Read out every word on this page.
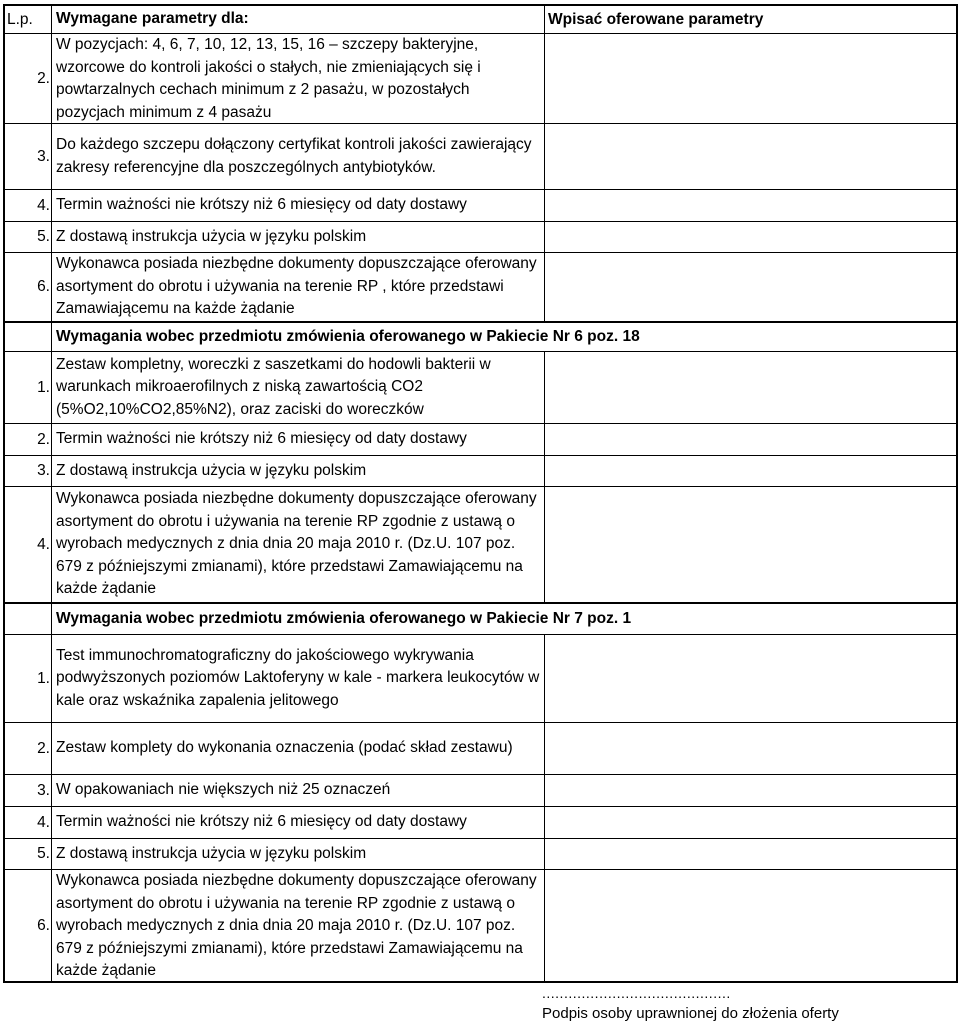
L.p.	Wymagane parametry dla:	Wpisać oferowane parametry
2.
W pozycjach: 4, 6, 7, 10, 12, 13, 15, 16 – szczepy bakteryjne, wzorcowe do kontroli jakości o stałych, nie zmieniających się i powtarzalnych cechach minimum z 2 pasażu, w pozostałych pozycjach minimum z 4 pasażu
3.
Do każdego szczepu dołączony certyfikat kontroli jakości zawierający zakresy referencyjne dla poszczególnych antybiotyków.
4. Termin ważności nie krótszy niż 6 miesięcy od daty dostawy
5. Z dostawą instrukcja użycia w języku polskim
6.
Wykonawca posiada niezbędne dokumenty dopuszczające oferowany asortyment do obrotu i używania na terenie RP , które przedstawi Zamawiającemu na każde żądanie
Wymagania wobec przedmiotu zmówienia oferowanego w Pakiecie Nr 6 poz. 18
1.
Zestaw kompletny, woreczki z saszetkami do hodowli bakterii w warunkach mikroaerofilnych z niską zawartością CO2 (5%O2,10%CO2,85%N2), oraz zaciski do woreczków
2. Termin ważności nie krótszy niż 6 miesięcy od daty dostawy
3. Z dostawą instrukcja użycia w języku polskim
4.
Wykonawca posiada niezbędne dokumenty dopuszczające oferowany asortyment do obrotu i używania na terenie RP zgodnie z ustawą o wyrobach medycznych z dnia dnia 20 maja 2010 r. (Dz.U. 107 poz. 679 z późniejszymi zmianami), które przedstawi Zamawiającemu na każde żądanie
Wymagania wobec przedmiotu zmówienia oferowanego w Pakiecie Nr 7 poz. 1
1.
Test immunochromatograficzny do jakościowego wykrywania podwyższonych poziomów Laktoferyny w kale - markera leukocytów w kale oraz wskaźnika zapalenia jelitowego
2. Zestaw komplety do wykonania oznaczenia (podać skład zestawu)
3. W opakowaniach nie większych niż 25 oznaczeń
4. Termin ważności nie krótszy niż 6 miesięcy od daty dostawy
5. Z dostawą instrukcja użycia w języku polskim
6.
Wykonawca posiada niezbędne dokumenty dopuszczające oferowany asortyment do obrotu i używania na terenie RP zgodnie z ustawą o wyrobach medycznych z dnia dnia 20 maja 2010 r. (Dz.U. 107 poz. 679 z późniejszymi zmianami), które przedstawi Zamawiającemu na każde żądanie
...........................................
Podpis osoby uprawnionej do złożenia oferty
